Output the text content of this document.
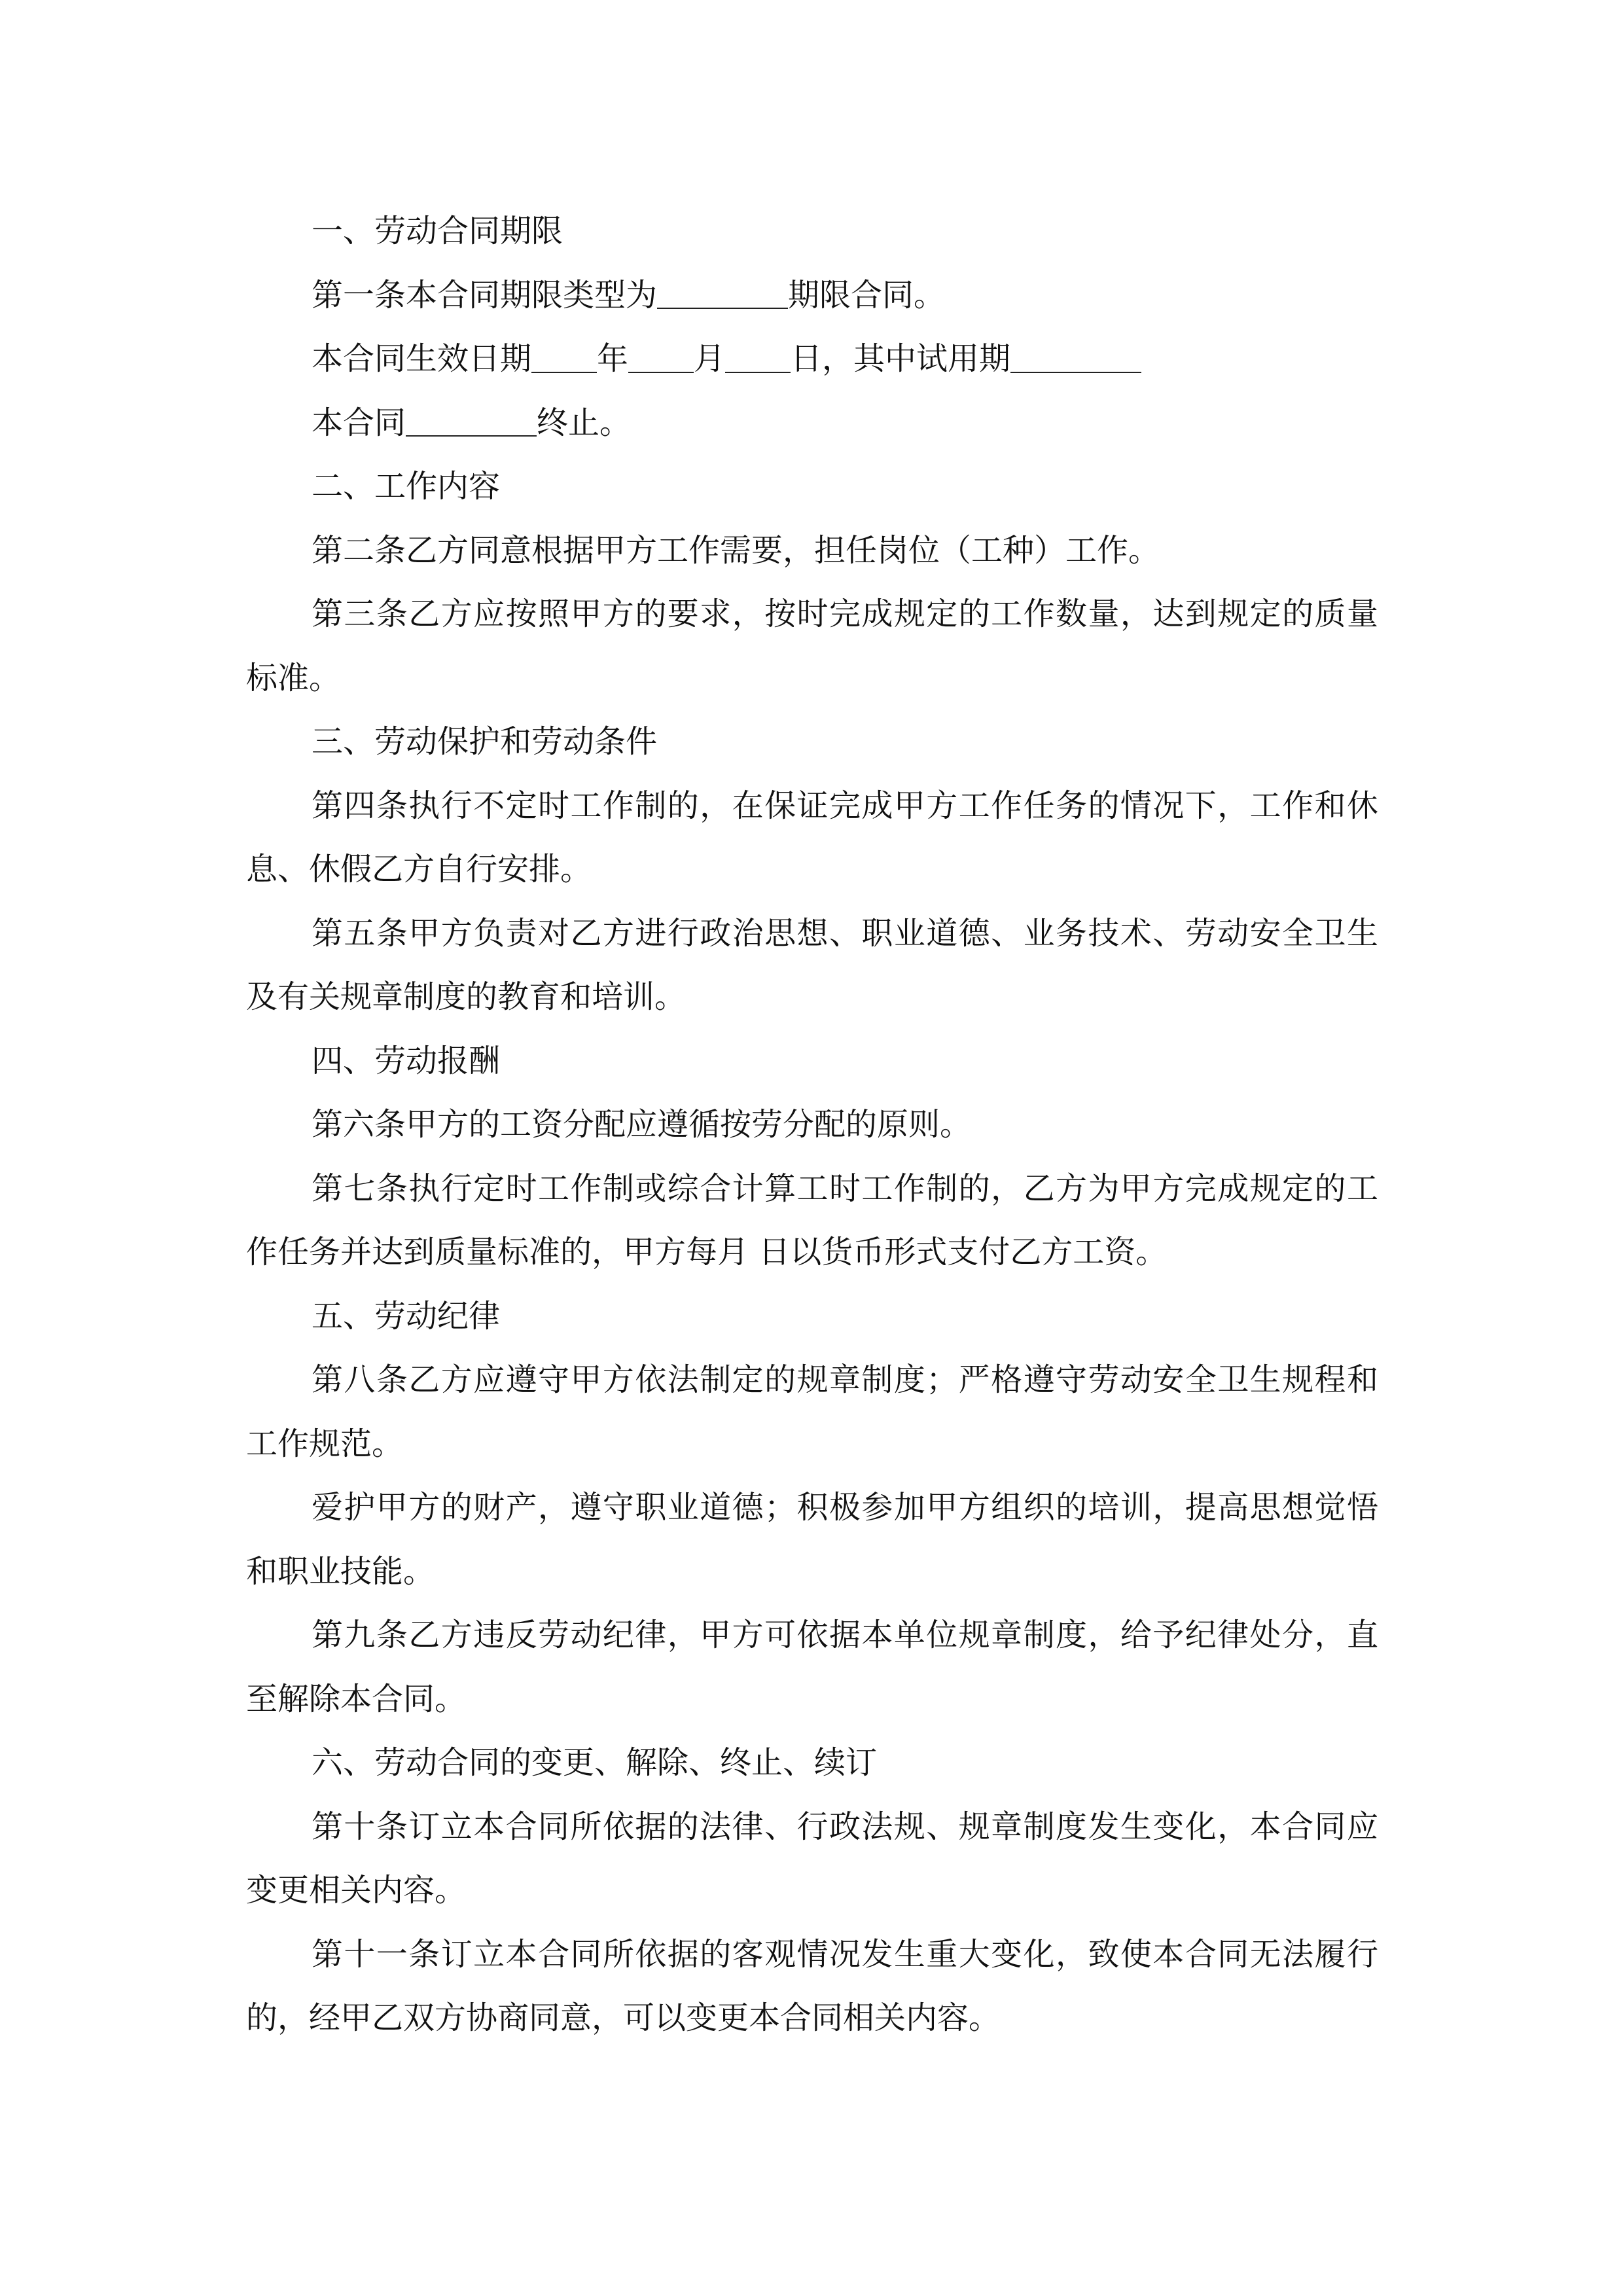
一、劳动合同期限

第一条本合同期限类型为	期限合同。

本合同生效日期 年 月 日，其中试用期

本合同	终止。

二、工作内容

第二条乙方同意根据甲方工作需要，担任岗位（工种）工作。

第三条乙方应按照甲方的要求，按时完成规定的工作数量，达到规定的质量标准。

三、劳动保护和劳动条件

第四条执行不定时工作制的，在保证完成甲方工作任务的情况下，工作和休息、休假乙方自行安排。

第五条甲方负责对乙方进行政治思想、职业道德、业务技术、劳动安全卫生及有关规章制度的教育和培训。

四、劳动报酬

第六条甲方的工资分配应遵循按劳分配的原则。

第七条执行定时工作制或综合计算工时工作制的，乙方为甲方完成规定的工作任务并达到质量标准的，甲方每月 日以货币形式支付乙方工资。

五、劳动纪律

第八条乙方应遵守甲方依法制定的规章制度；严格遵守劳动安全卫生规程和工作规范。

爱护甲方的财产，遵守职业道德；积极参加甲方组织的培训，提高思想觉悟和职业技能。

第九条乙方违反劳动纪律，甲方可依据本单位规章制度，给予纪律处分，直至解除本合同。

六、劳动合同的变更、解除、终止、续订

第十条订立本合同所依据的法律、行政法规、规章制度发生变化，本合同应变更相关内容。

第十一条订立本合同所依据的客观情况发生重大变化，致使本合同无法履行的，经甲乙双方协商同意，可以变更本合同相关内容。
